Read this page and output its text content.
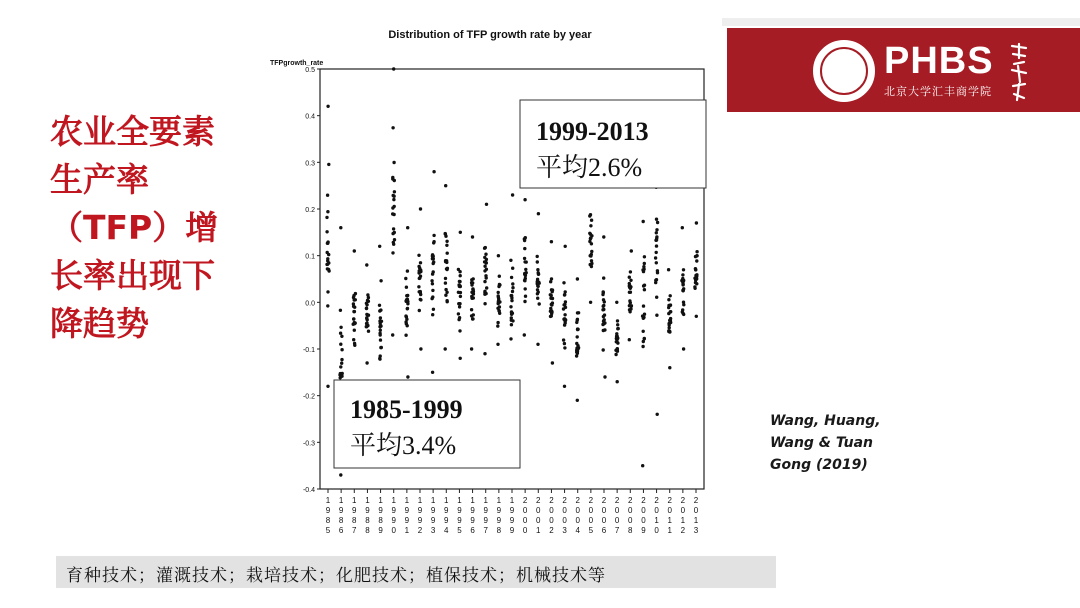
PHBS
北京大学汇丰商学院
农业全要素
生产率
（TFP）增
长率出现下
降趋势
Distribution of TFP growth rate by year
TFPgrowth_rate
0.5
0.4
0.3
0.2
0.1
0.0
-0.1
-0.2
-0.3
-0.4
1 9 8 5
1 9 8 6
1 9 8 7
1 9 8 8
1 9 8 9
1 9 9 0
1 9 9 1
1 9 9 2
1 9 9 3
1 9 9 4
1 9 9 5
1 9 9 6
1 9 9 7
1 9 9 8
1 9 9 9
2 0 0 0
2 0 0 1
2 0 0 2
2 0 0 3
2 0 0 4
2 0 0 5
2 0 0 6
2 0 0 7
2 0 0 8
2 0 0 9
2 0 1 0
2 0 1 1
2 0 1 2
2 0 1 3
1999-2013
平均2.6%
1985-1999
平均3.4%
Wang, Huang,
Wang & Tuan
Gong (2019)
育种技术；灌溉技术；栽培技术；化肥技术；植保技术；机械技术等
